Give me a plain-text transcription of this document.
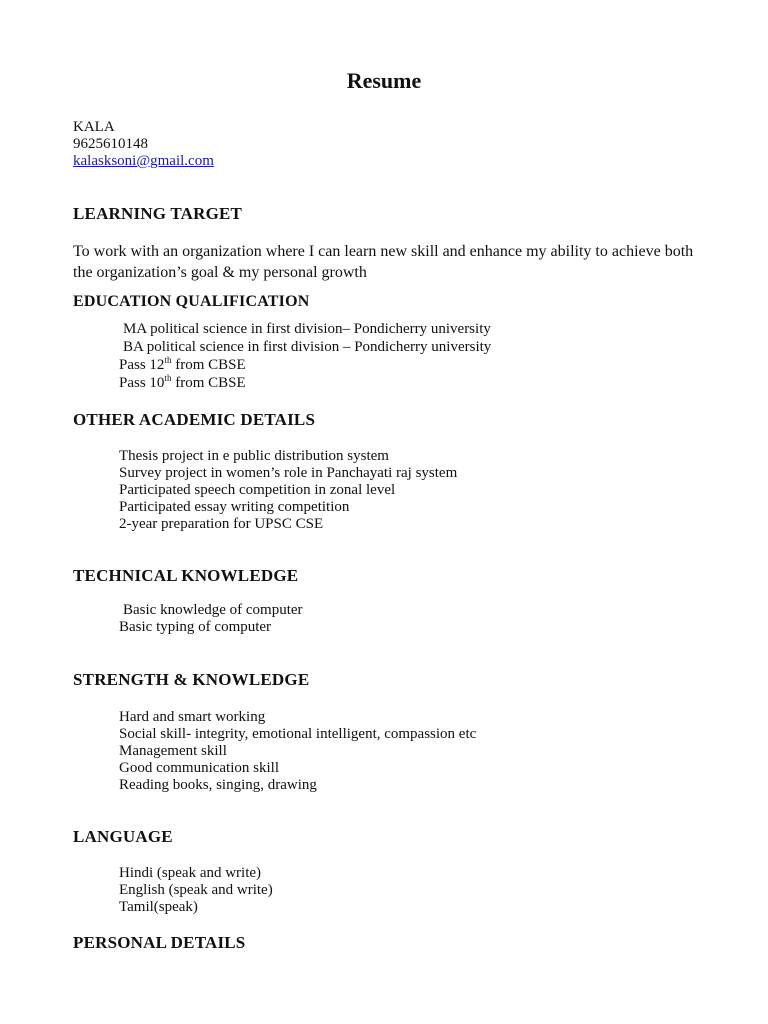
Resume
KALA
9625610148
kalasksoni@gmail.com
LEARNING TARGET
To work with an organization where I can learn new skill and enhance my ability to achieve both the organization’s goal & my personal growth
EDUCATION QUALIFICATION
MA political science in first division– Pondicherry university
BA political science in first division – Pondicherry university
Pass 12th from CBSE
Pass 10th from CBSE
OTHER ACADEMIC DETAILS
Thesis project in e public distribution system
Survey project in women’s role in Panchayati raj system
Participated speech competition in zonal level
Participated essay writing competition
2-year preparation for UPSC CSE
TECHNICAL KNOWLEDGE
Basic knowledge of computer
Basic typing of computer
STRENGTH & KNOWLEDGE
Hard and smart working
Social skill- integrity, emotional intelligent, compassion etc
Management skill
Good communication skill
Reading books, singing, drawing
LANGUAGE
Hindi (speak and write)
English (speak and write)
Tamil(speak)
PERSONAL DETAILS
